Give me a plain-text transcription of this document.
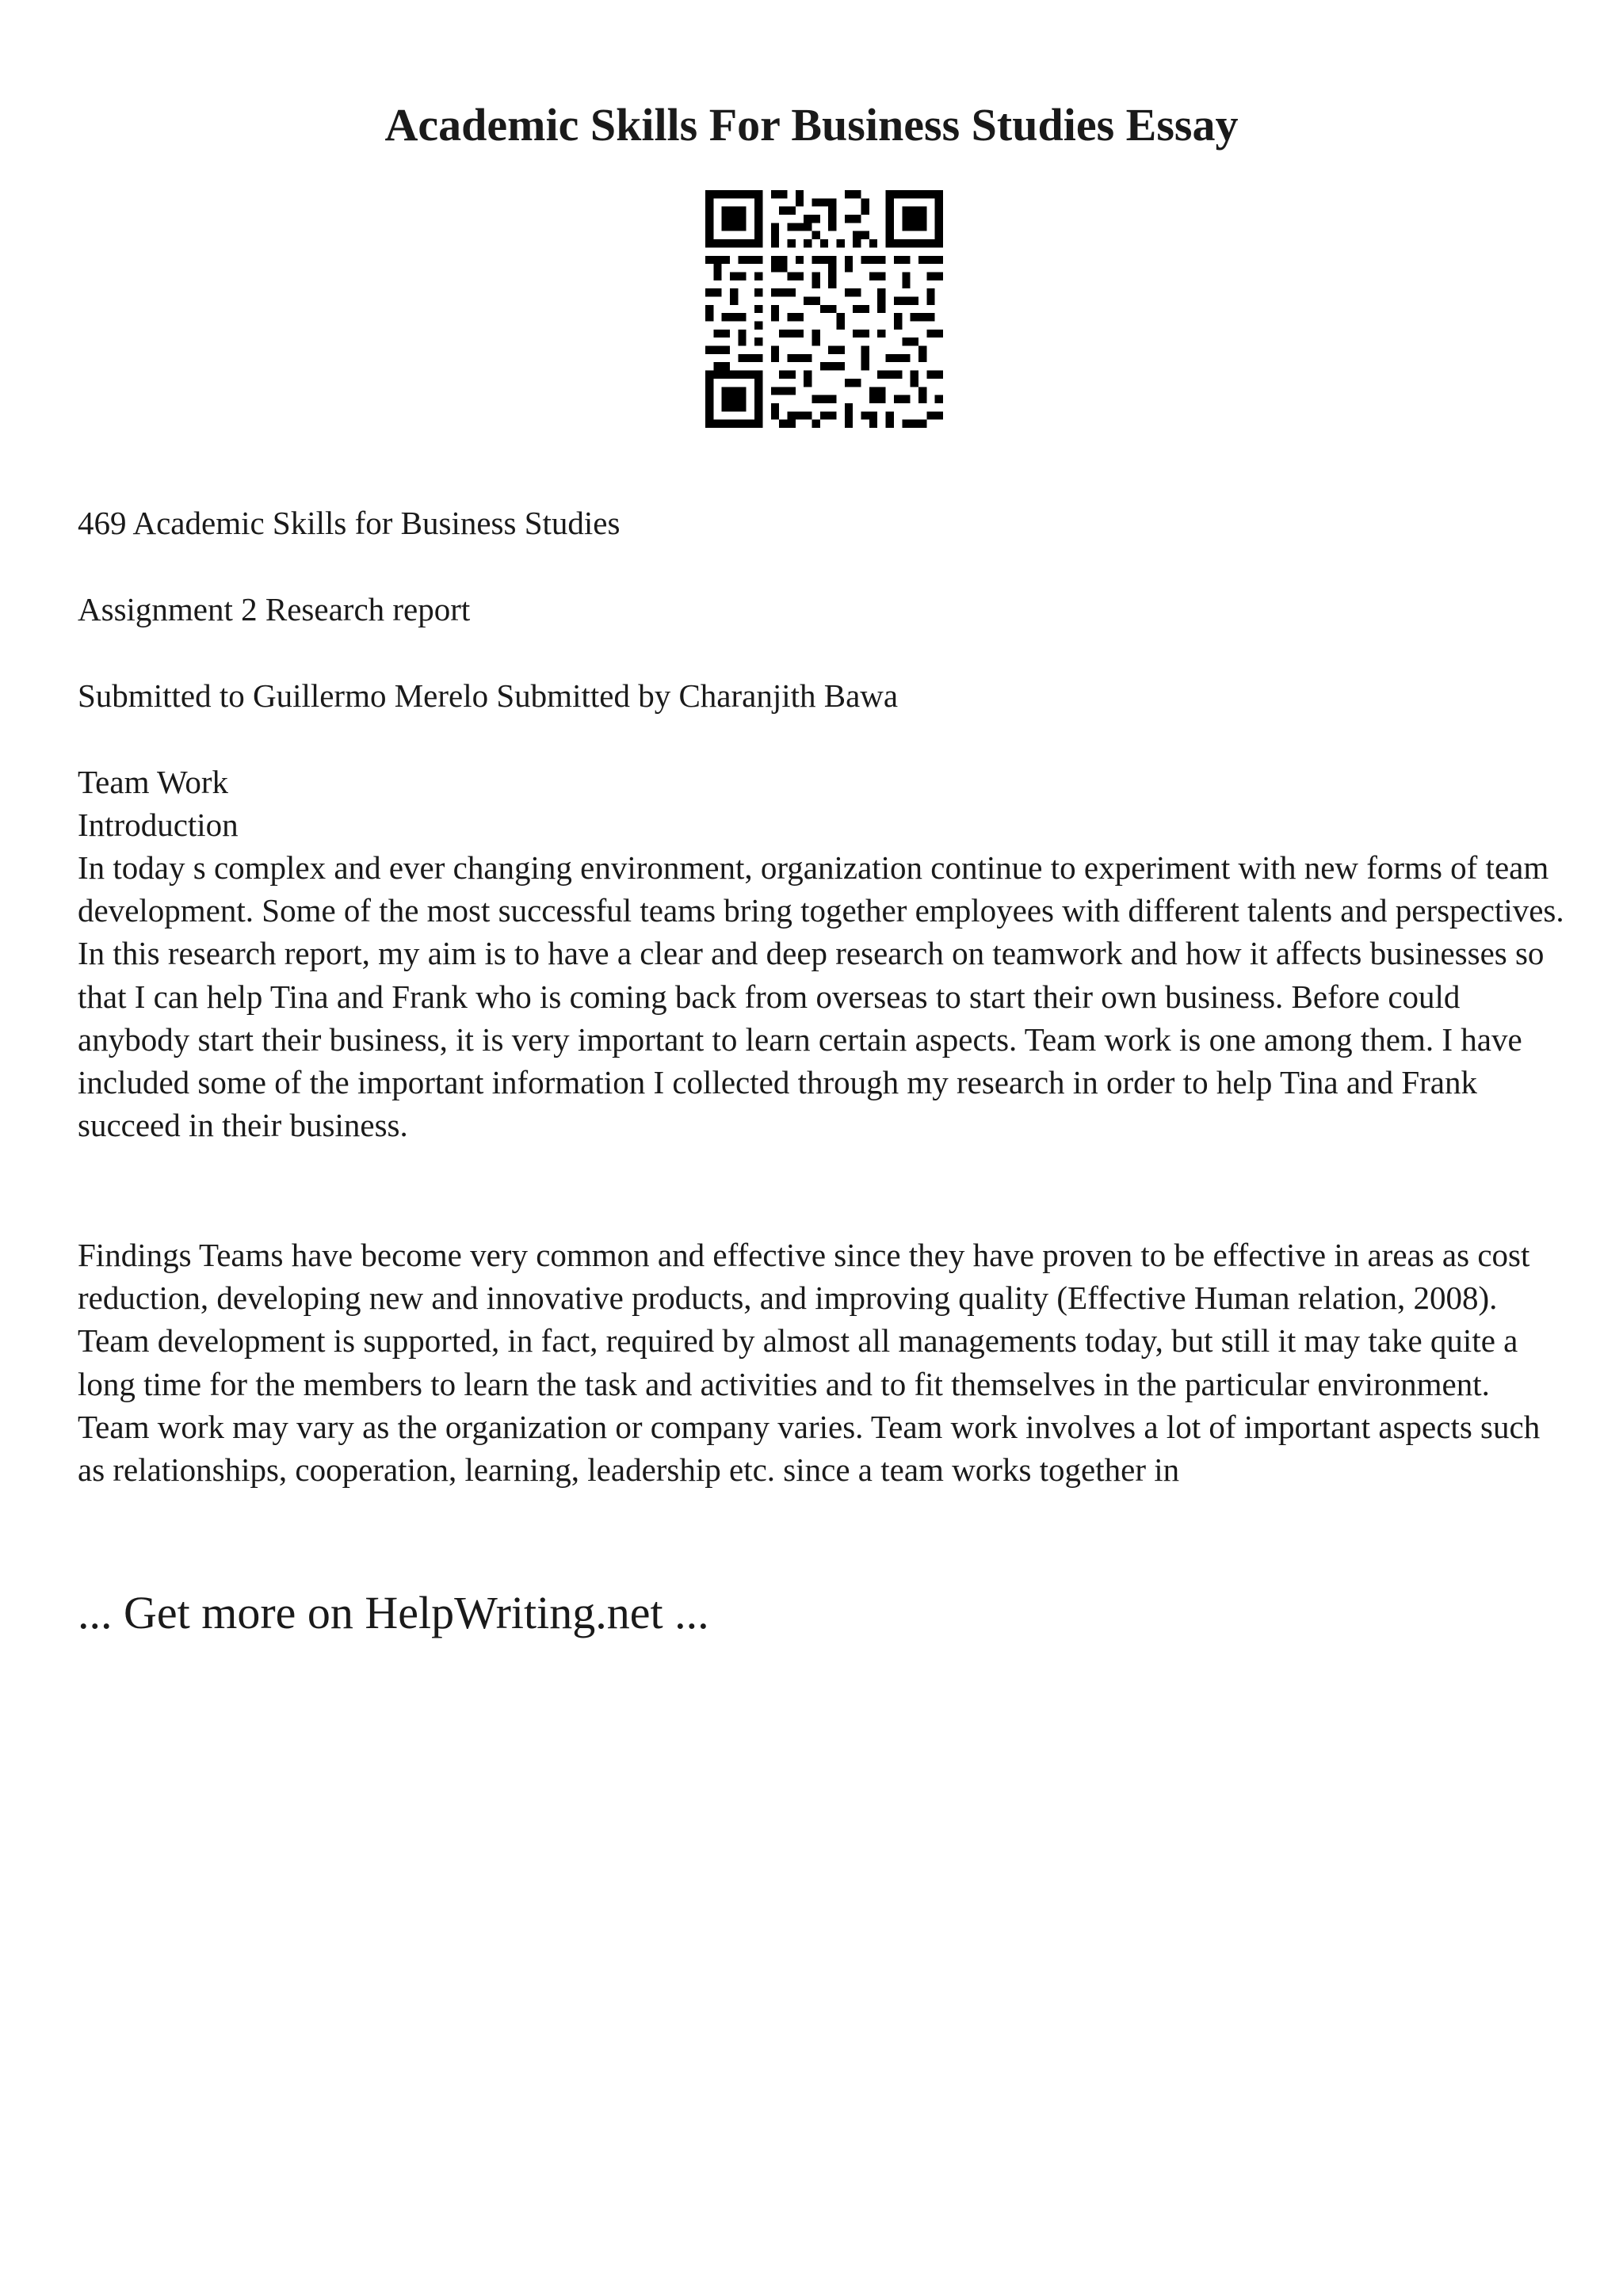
Academic Skills For Business Studies Essay

469 Academic Skills for Business Studies

Assignment 2 Research report

Submitted to Guillermo Merelo Submitted by Charanjith Bawa

Team Work

Introduction

In today s complex and ever changing environment, organization continue to experiment with new forms of team development. Some of the most successful teams bring together employees with different talents and perspectives. In this research report, my aim is to have a clear and deep research on teamwork and how it affects businesses so that I can help Tina and Frank who is coming back from overseas to start their own business. Before could anybody start their business, it is very important to learn certain aspects. Team work is one among them. I have included some of the important information I collected through my research in order to help Tina and Frank succeed in their business.

Findings Teams have become very common and effective since they have proven to be effective in areas as cost reduction, developing new and innovative products, and improving quality (Effective Human relation, 2008). Team development is supported, in fact, required by almost all managements today, but still it may take quite a long time for the members to learn the task and activities and to fit themselves in the particular environment. Team work may vary as the organization or company varies. Team work involves a lot of important aspects such as relationships, cooperation, learning, leadership etc. since a team works together in

... Get more on HelpWriting.net ...
